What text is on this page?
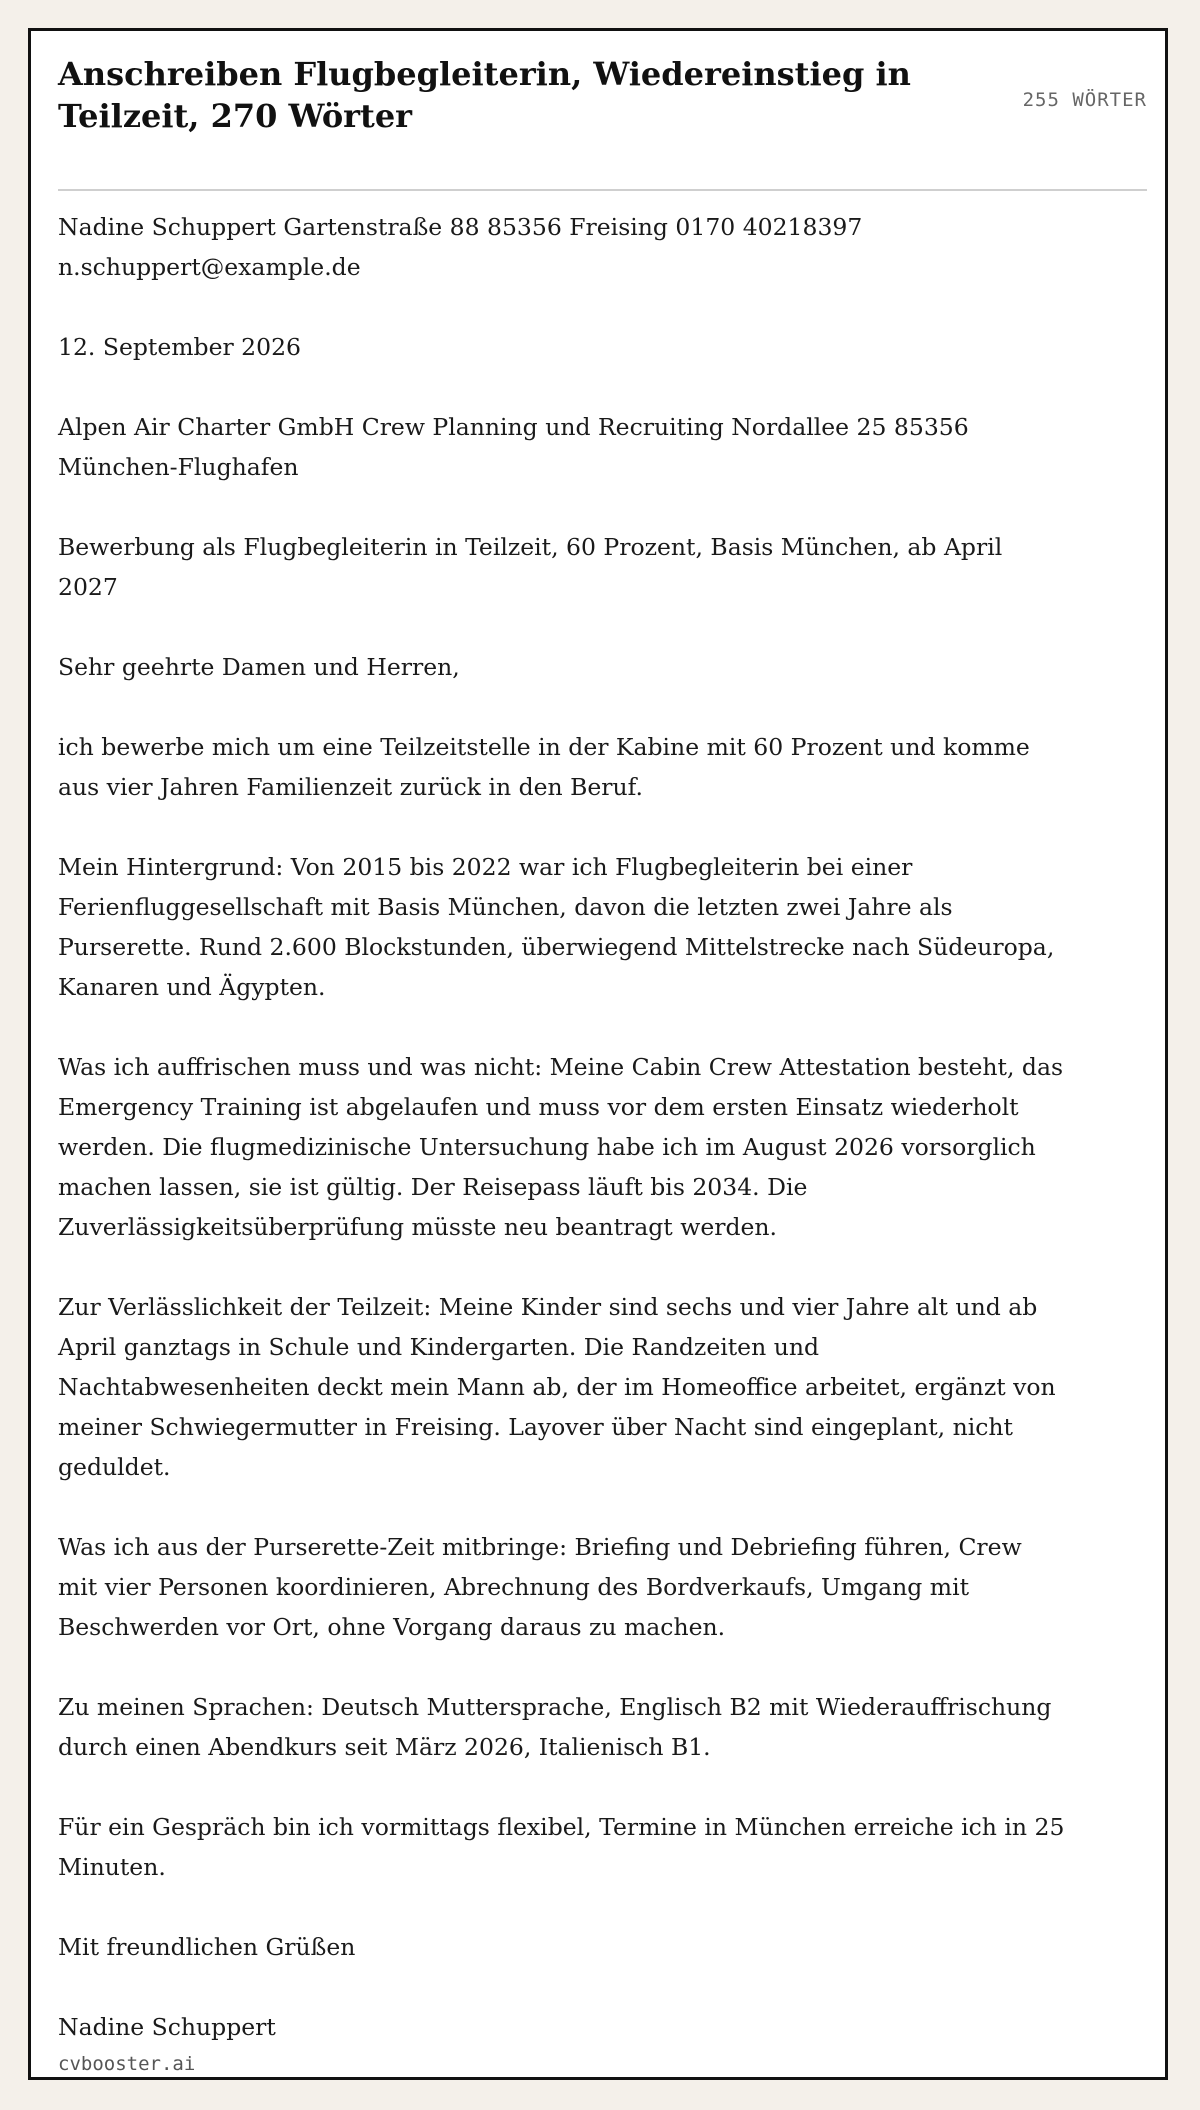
Anschreiben Flugbegleiterin, Wiedereinstieg in Teilzeit, 270 Wörter	255 WÖRTER

Nadine Schuppert Gartenstraße 88 85356 Freising 0170 40218397 n.schuppert@example.de

12. September 2026

Alpen Air Charter GmbH Crew Planning und Recruiting Nordallee 25 85356 München-Flughafen

Bewerbung als Flugbegleiterin in Teilzeit, 60 Prozent, Basis München, ab April 2027

Sehr geehrte Damen und Herren,

ich bewerbe mich um eine Teilzeitstelle in der Kabine mit 60 Prozent und komme aus vier Jahren Familienzeit zurück in den Beruf.

Mein Hintergrund: Von 2015 bis 2022 war ich Flugbegleiterin bei einer Ferienfluggesellschaft mit Basis München, davon die letzten zwei Jahre als Purserette. Rund 2.600 Blockstunden, überwiegend Mittelstrecke nach Südeuropa, Kanaren und Ägypten.

Was ich auffrischen muss und was nicht: Meine Cabin Crew Attestation besteht, das Emergency Training ist abgelaufen und muss vor dem ersten Einsatz wiederholt werden. Die flugmedizinische Untersuchung habe ich im August 2026 vorsorglich machen lassen, sie ist gültig. Der Reisepass läuft bis 2034. Die Zuverlässigkeitsüberprüfung müsste neu beantragt werden.

Zur Verlässlichkeit der Teilzeit: Meine Kinder sind sechs und vier Jahre alt und ab April ganztags in Schule und Kindergarten. Die Randzeiten und Nachtabwesenheiten deckt mein Mann ab, der im Homeoffice arbeitet, ergänzt von meiner Schwiegermutter in Freising. Layover über Nacht sind eingeplant, nicht geduldet.

Was ich aus der Purserette-Zeit mitbringe: Briefing und Debriefing führen, Crew mit vier Personen koordinieren, Abrechnung des Bordverkaufs, Umgang mit Beschwerden vor Ort, ohne Vorgang daraus zu machen.

Zu meinen Sprachen: Deutsch Muttersprache, Englisch B2 mit Wiederauffrischung durch einen Abendkurs seit März 2026, Italienisch B1.

Für ein Gespräch bin ich vormittags flexibel, Termine in München erreiche ich in 25 Minuten.

Mit freundlichen Grüßen

Nadine Schuppert

cvbooster.ai
